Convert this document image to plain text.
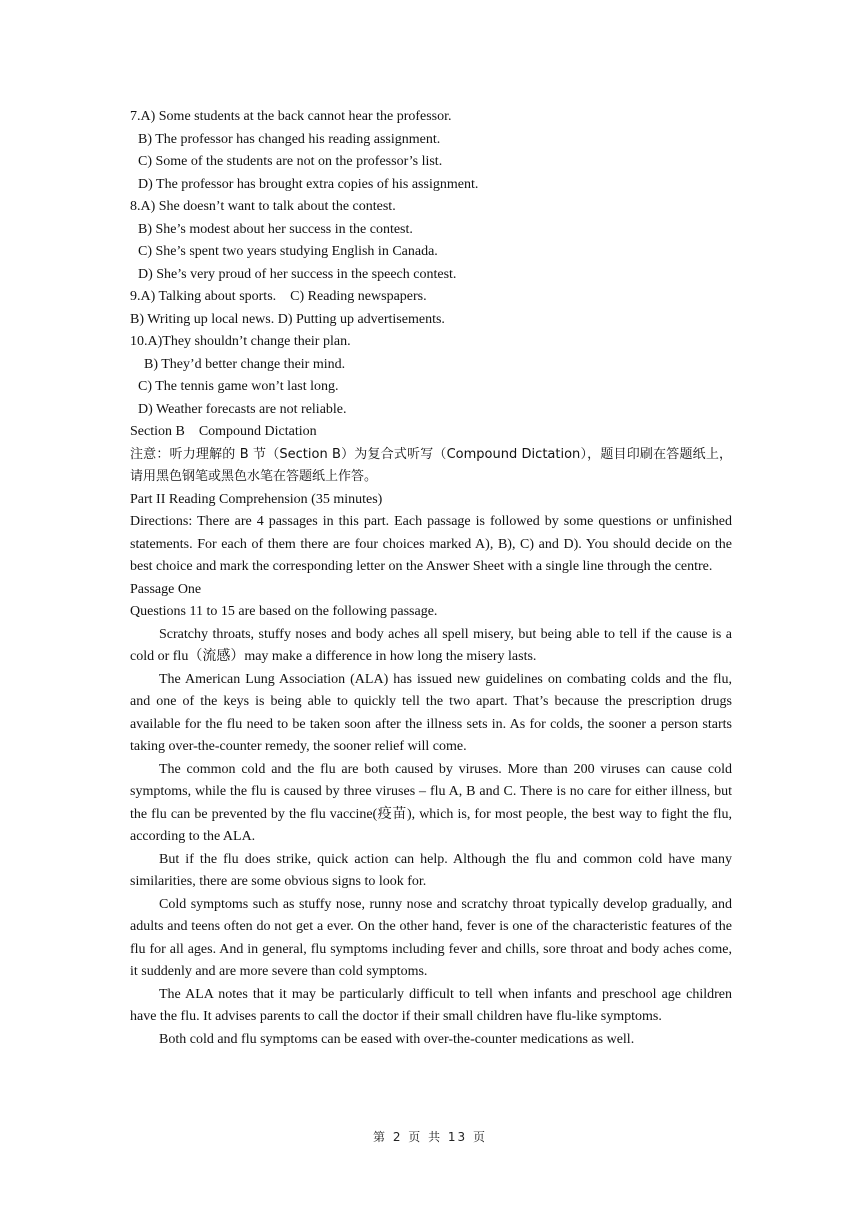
7.A) Some students at the back cannot hear the professor.
B) The professor has changed his reading assignment.
C) Some of the students are not on the professor’s list.
D) The professor has brought extra copies of his assignment.
8.A) She doesn’t want to talk about the contest.
B) She’s modest about her success in the contest.
C) She’s spent two years studying English in Canada.
D) She’s very proud of her success in the speech contest.
9.A) Talking about sports.    C) Reading newspapers.
B) Writing up local news. D) Putting up advertisements.
10.A)They shouldn’t change their plan.
B) They’d better change their mind.
C) The tennis game won’t last long.
D) Weather forecasts are not reliable.
Section B    Compound Dictation

注意：听力理解的 B 节（Section B）为复合式听写（Compound Dictation），题目印刷在答题纸上，请用黑色钢笔或黑色水笔在答题纸上作答。

Part II Reading Comprehension (35 minutes)

Directions: There are 4 passages in this part. Each passage is followed by some questions or unfinished statements. For each of them there are four choices marked A), B), C) and D). You should decide on the best choice and mark the corresponding letter on the Answer Sheet with a single line through the centre.

Passage One
Questions 11 to 15 are based on the following passage.

Scratchy throats, stuffy noses and body aches all spell misery, but being able to tell if the cause is a cold or flu（流感）may make a difference in how long the misery lasts.

The American Lung Association (ALA) has issued new guidelines on combating colds and the flu, and one of the keys is being able to quickly tell the two apart. That’s because the prescription drugs available for the flu need to be taken soon after the illness sets in. As for colds, the sooner a person starts taking over-the-counter remedy, the sooner relief will come.

The common cold and the flu are both caused by viruses. More than 200 viruses can cause cold symptoms, while the flu is caused by three viruses – flu A, B and C. There is no care for either illness, but the flu can be prevented by the flu vaccine(疫苗), which is, for most people, the best way to fight the flu, according to the ALA.

But if the flu does strike, quick action can help. Although the flu and common cold have many similarities, there are some obvious signs to look for.

Cold symptoms such as stuffy nose, runny nose and scratchy throat typically develop gradually, and adults and teens often do not get a ever. On the other hand, fever is one of the characteristic features of the flu for all ages. And in general, flu symptoms including fever and chills, sore throat and body aches come, it suddenly and are more severe than cold symptoms.

The ALA notes that it may be particularly difficult to tell when infants and preschool age children have the flu. It advises parents to call the doctor if their small children have flu-like symptoms.

Both cold and flu symptoms can be eased with over-the-counter medications as well.

第 2 页 共 13 页
